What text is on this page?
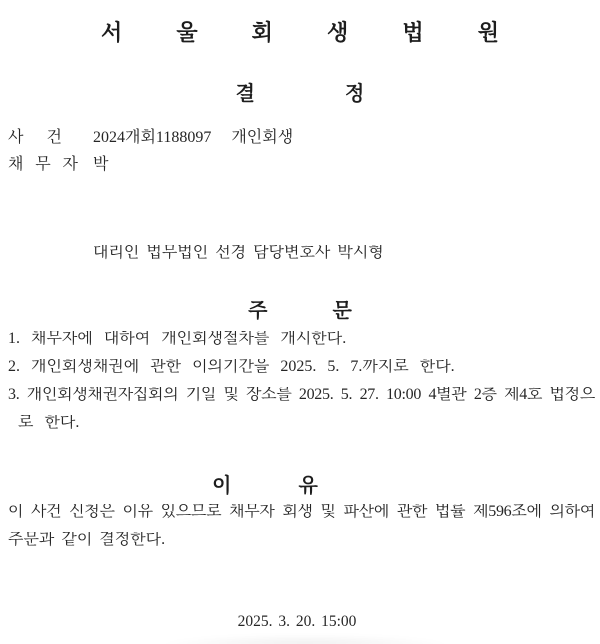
서 울 회 생 법 원
결	정
사 건 2024개회1188097 개인회생
채 무 자 박
대리인 법무법인 선경 담당변호사 박시형
주	문
1. 채무자에 대하여 개인회생절차를 개시한다.
2. 개인회생채권에 관한 이의기간을 2025. 5. 7.까지로 한다.
3. 개인회생채권자집회의 기일 및 장소를 2025. 5. 27. 10:00 4별관 2층 제4호 법정으
로 한다.
이	유
이 사건 신청은 이유 있으므로 채무자 회생 및 파산에 관한 법률 제596조에 의하여
주문과 같이 결정한다.
2025. 3. 20. 15:00
